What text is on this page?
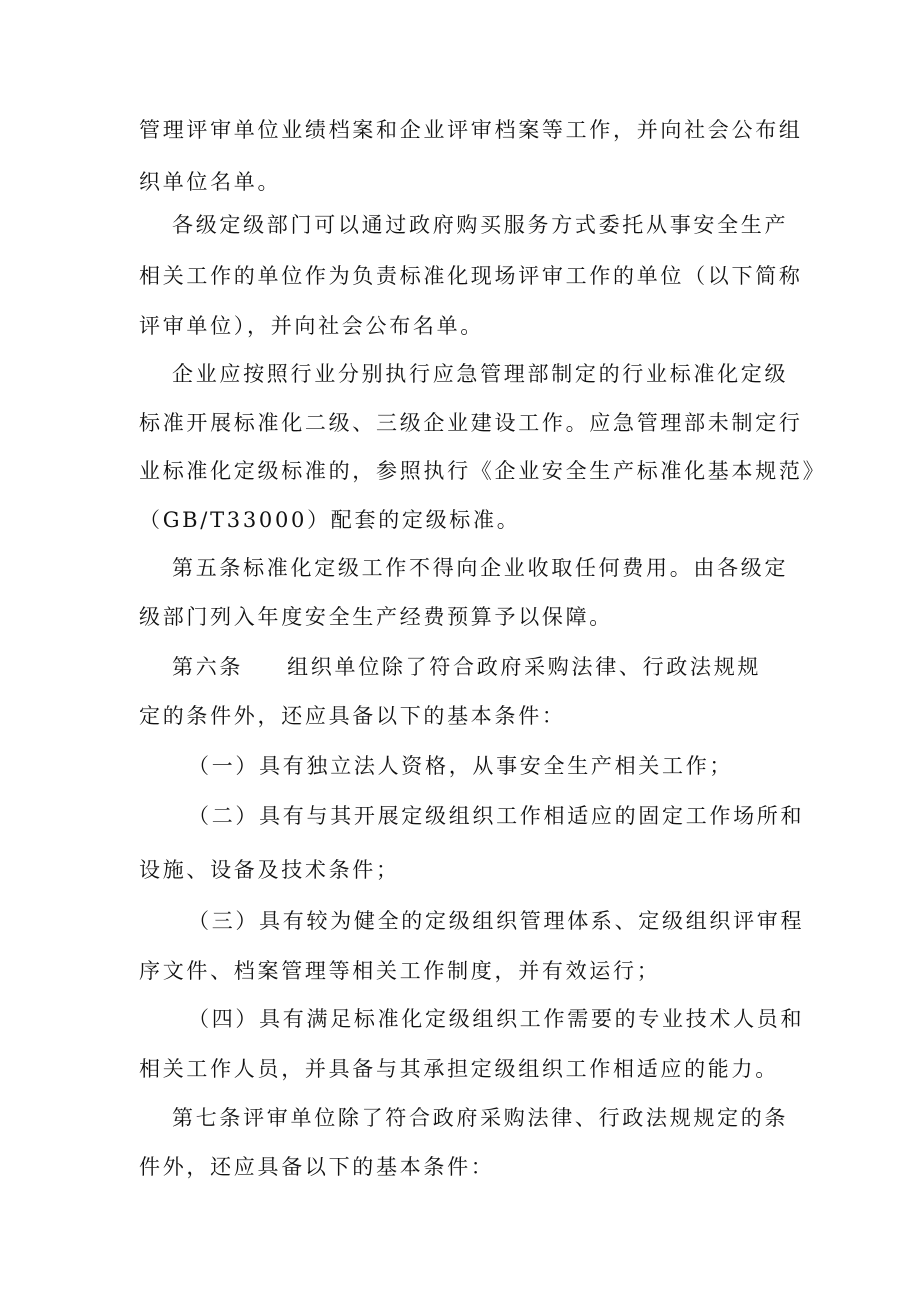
管理评审单位业绩档案和企业评审档案等工作，并向社会公布组
织单位名单。
各级定级部门可以通过政府购买服务方式委托从事安全生产
相关工作的单位作为负责标准化现场评审工作的单位（以下简称
评审单位），并向社会公布名单。
企业应按照行业分别执行应急管理部制定的行业标准化定级
标准开展标准化二级、三级企业建设工作。应急管理部未制定行
业标准化定级标准的，参照执行《企业安全生产标准化基本规范》
（GB/T33000）配套的定级标准。
第五条标准化定级工作不得向企业收取任何费用。由各级定
级部门列入年度安全生产经费预算予以保障。
第六条 组织单位除了符合政府采购法律、行政法规规
定的条件外，还应具备以下的基本条件：
（一）具有独立法人资格，从事安全生产相关工作；
（二）具有与其开展定级组织工作相适应的固定工作场所和
设施、设备及技术条件；
（三）具有较为健全的定级组织管理体系、定级组织评审程
序文件、档案管理等相关工作制度，并有效运行；
（四）具有满足标准化定级组织工作需要的专业技术人员和
相关工作人员，并具备与其承担定级组织工作相适应的能力。
第七条评审单位除了符合政府采购法律、行政法规规定的条
件外，还应具备以下的基本条件：
